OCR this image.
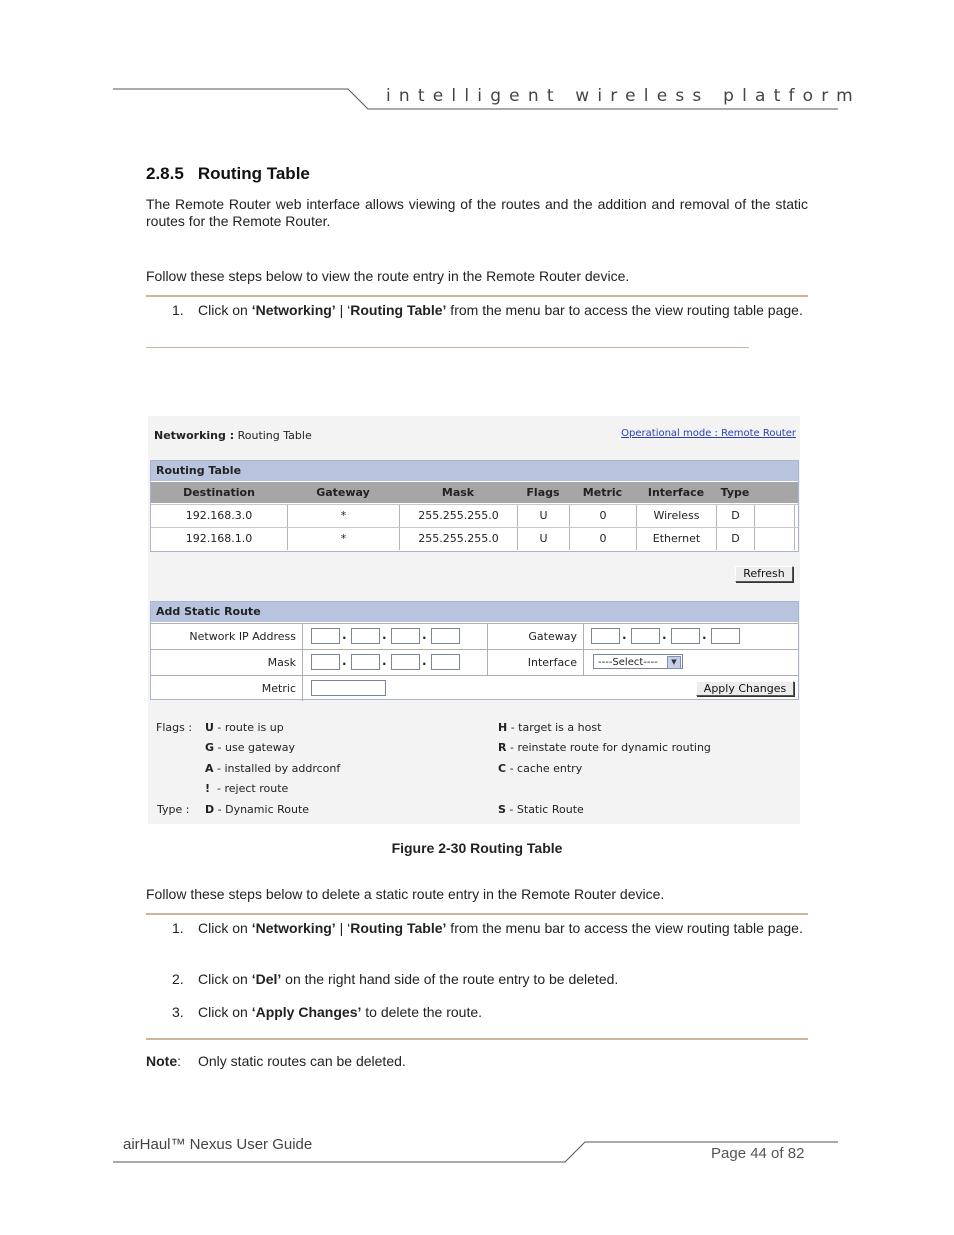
intelligent wireless platform
2.8.5 Routing Table
The Remote Router web interface allows viewing of the routes and the addition and removal of the static routes for the Remote Router.
Follow these steps below to view the route entry in the Remote Router device.
1.	Click on ‘Networking’ | ‘Routing Table’ from the menu bar to access the view routing table page.
Networking : Routing Table	Operational mode : Remote Router
Routing Table
Destination	Gateway	Mask	Flags	Metric	Interface	Type
192.168.3.0	*	255.255.255.0	U	0	Wireless	D
192.168.1.0	*	255.255.255.0	U	0	Ethernet	D
Refresh
Add Static Route
Network IP Address	.	.	.	Gateway	.	.	.
Mask	.	.	.	Interface	----Select----	▼
Metric	Apply Changes
Flags :
Type :
U - route is up
G - use gateway
A - installed by addrconf
!  - reject route
D - Dynamic Route
H - target is a host
R - reinstate route for dynamic routing
C - cache entry
S - Static Route
Figure 2-30 Routing Table
Follow these steps below to delete a static route entry in the Remote Router device.
1.	Click on ‘Networking’ | ‘Routing Table’ from the menu bar to access the view routing table page.
2.	Click on ‘Del’ on the right hand side of the route entry to be deleted.
3.	Click on ‘Apply Changes’ to delete the route.
Note: Only static routes can be deleted.
airHaul™ Nexus User Guide
Page 44 of 82
